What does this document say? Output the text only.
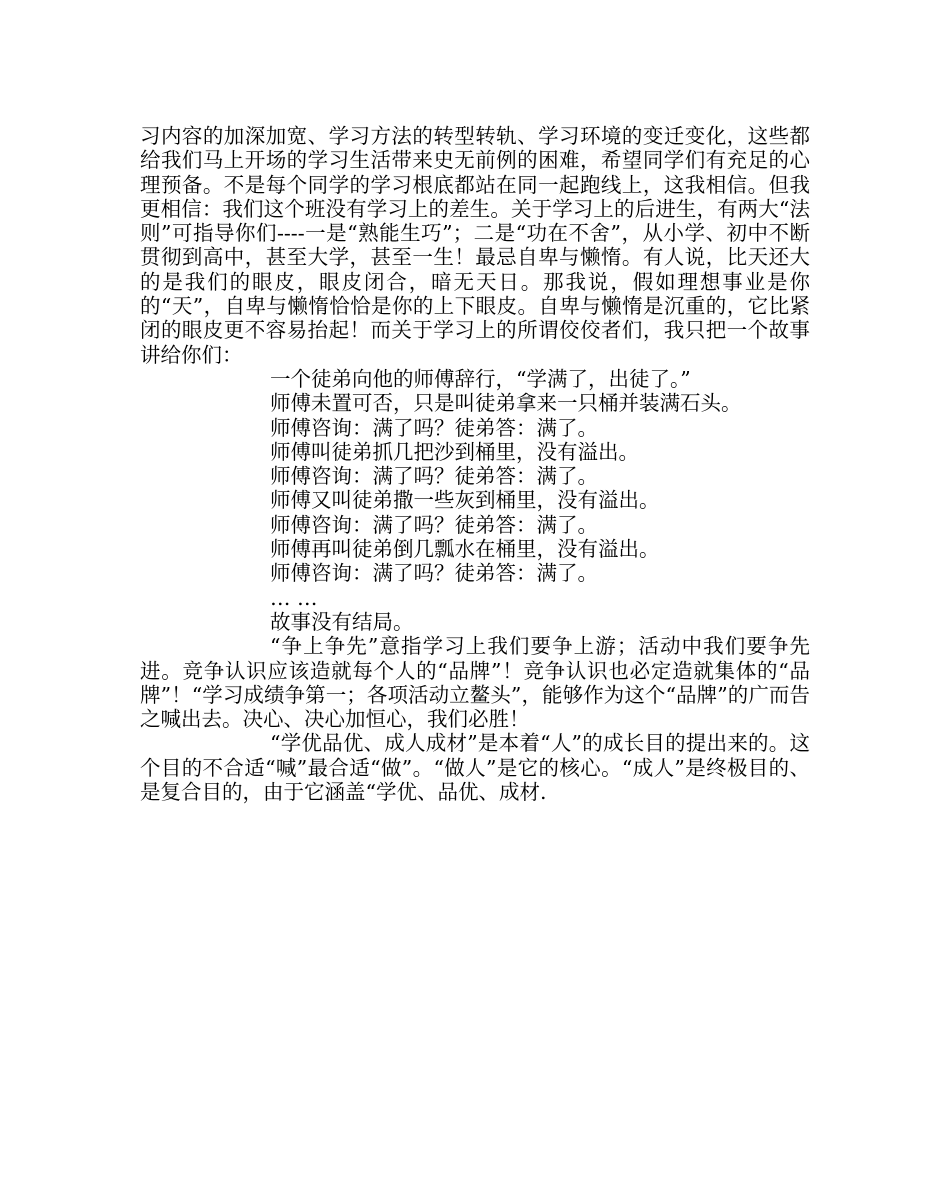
习内容的加深加宽、学习方法的转型转轨、学习环境的变迁变化，这些都给我们马上开场的学习生活带来史无前例的困难，希望同学们有充足的心理预备。不是每个同学的学习根底都站在同一起跑线上，这我相信。但我更相信：我们这个班没有学习上的差生。关于学习上的后进生，有两大“法则”可指导你们----一是“熟能生巧”；二是“功在不舍”，从小学、初中不断贯彻到高中，甚至大学，甚至一生！最忌自卑与懒惰。有人说，比天还大的是我们的眼皮，眼皮闭合，暗无天日。那我说，假如理想事业是你的“天”，自卑与懒惰恰恰是你的上下眼皮。自卑与懒惰是沉重的，它比紧闭的眼皮更不容易抬起！而关于学习上的所谓佼佼者们，我只把一个故事讲给你们：

一个徒弟向他的师傅辞行，“学满了，出徒了。”

师傅未置可否，只是叫徒弟拿来一只桶并装满石头。

师傅咨询：满了吗？徒弟答：满了。

师傅叫徒弟抓几把沙到桶里，没有溢出。

师傅咨询：满了吗？徒弟答：满了。

师傅又叫徒弟撒一些灰到桶里，没有溢出。

师傅咨询：满了吗？徒弟答：满了。

师傅再叫徒弟倒几瓢水在桶里，没有溢出。

师傅咨询：满了吗？徒弟答：满了。

… …

故事没有结局。

“争上争先”意指学习上我们要争上游；活动中我们要争先进。竞争认识应该造就每个人的“品牌”！竞争认识也必定造就集体的“品牌”！“学习成绩争第一；各项活动立鳌头”，能够作为这个“品牌”的广而告之喊出去。决心、决心加恒心，我们必胜！

“学优品优、成人成材”是本着“人”的成长目的提出来的。这个目的不合适“喊”最合适“做”。“做人”是它的核心。“成人”是终极目的、是复合目的，由于它涵盖“学优、品优、成材.
